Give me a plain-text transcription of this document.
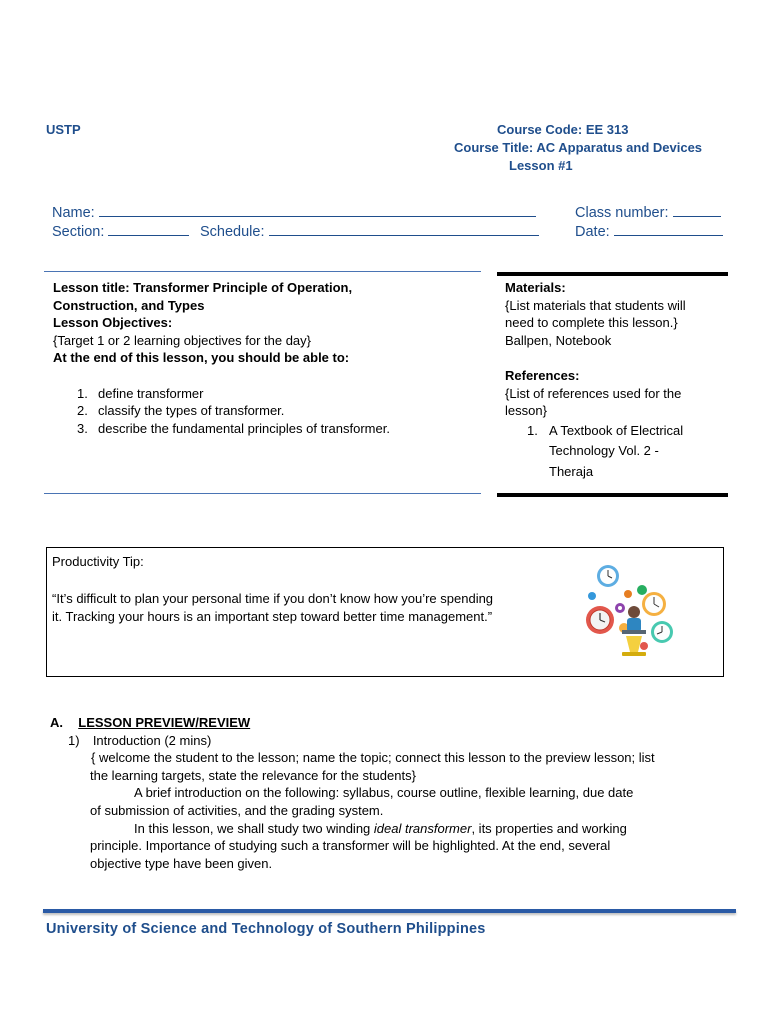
USTP	Course Code: EE 313
Course Title: AC Apparatus and Devices
Lesson #1
Name:	Class number:
Section:	Schedule:	Date:
Lesson title: Transformer Principle of Operation,
Construction, and Types
Lesson Objectives:
{Target 1 or 2 learning objectives for the day}
At the end of this lesson, you should be able to:
1. define transformer
2. classify the types of transformer.
3. describe the fundamental principles of transformer.
Materials:
{List materials that students will
need to complete this lesson.}
Ballpen, Notebook
References:
{List of references used for the
lesson}
1. A Textbook of Electrical
Technology Vol. 2 -
Theraja
Productivity Tip:
“It’s difficult to plan your personal time if you don’t know how you’re spending
it. Tracking your hours is an important step toward better time management.”
A. LESSON PREVIEW/REVIEW
1) Introduction (2 mins)
{ welcome the student to the lesson; name the topic; connect this lesson to the preview lesson; list
the learning targets, state the relevance for the students}
A brief introduction on the following: syllabus, course outline, flexible learning, due date
of submission of activities, and the grading system.
In this lesson, we shall study two winding ideal transformer, its properties and working
principle. Importance of studying such a transformer will be highlighted. At the end, several
objective type have been given.
University of Science and Technology of Southern Philippines
